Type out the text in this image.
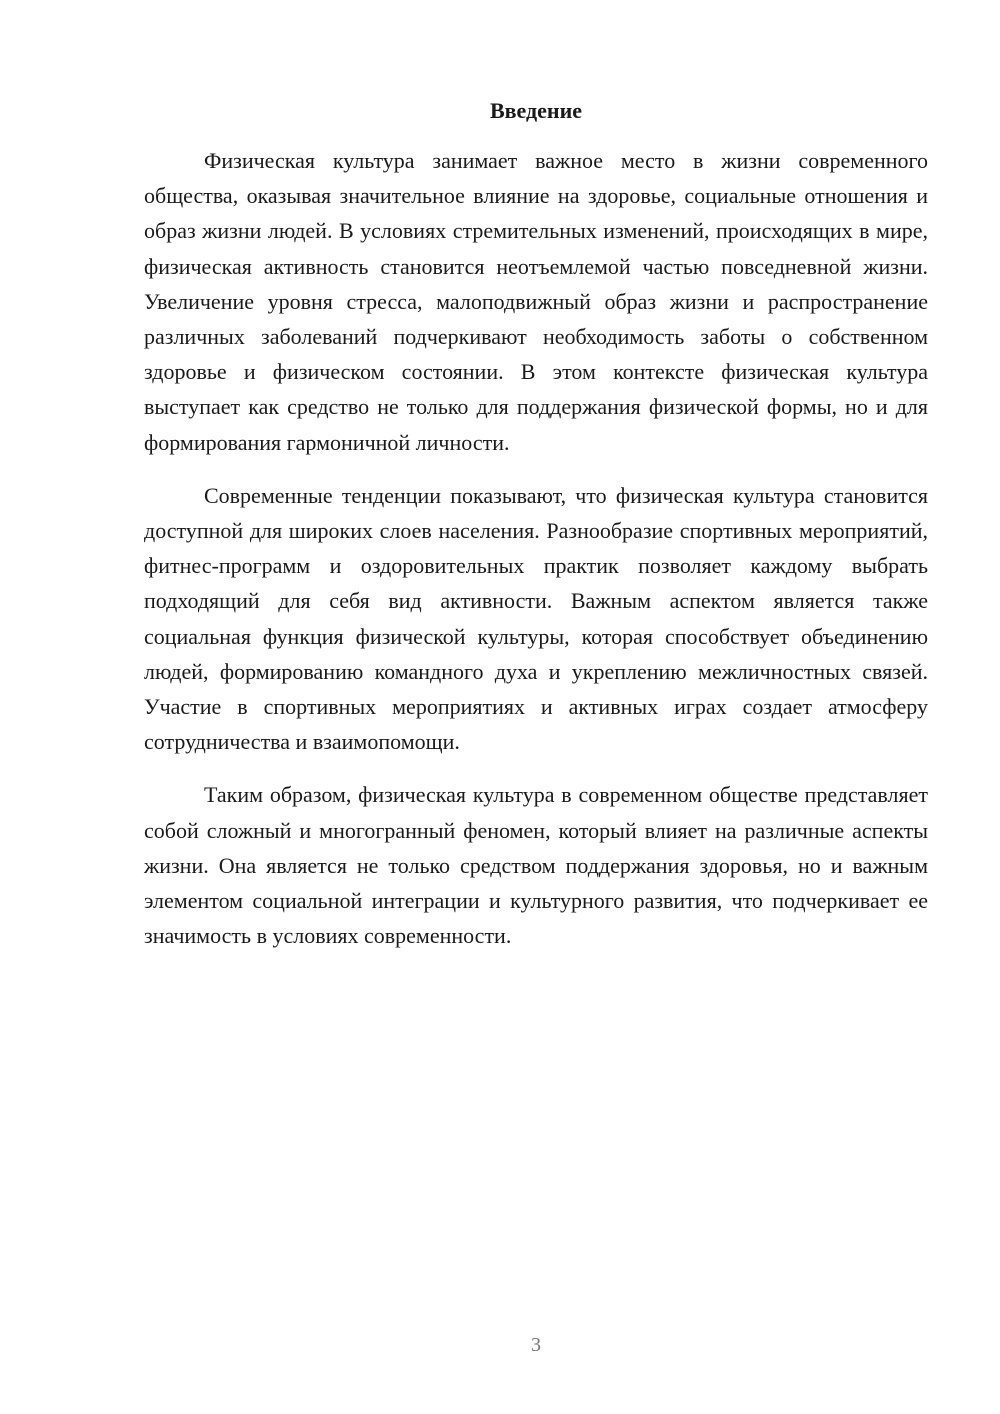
Введение

Физическая культура занимает важное место в жизни современного общества, оказывая значительное влияние на здоровье, социальные отношения и образ жизни людей. В условиях стремительных изменений, происходящих в мире, физическая активность становится неотъемлемой частью повседневной жизни. Увеличение уровня стресса, малоподвижный образ жизни и распространение различных заболеваний подчеркивают необходимость заботы о собственном здоровье и физическом состоянии. В этом контексте физическая культура выступает как средство не только для поддержания физической формы, но и для формирования гармоничной личности.

Современные тенденции показывают, что физическая культура становится доступной для широких слоев населения. Разнообразие спортивных мероприятий, фитнес-программ и оздоровительных практик позволяет каждому выбрать подходящий для себя вид активности. Важным аспектом является также социальная функция физической культуры, которая способствует объединению людей, формированию командного духа и укреплению межличностных связей. Участие в спортивных мероприятиях и активных играх создает атмосферу сотрудничества и взаимопомощи.

Таким образом, физическая культура в современном обществе представляет собой сложный и многогранный феномен, который влияет на различные аспекты жизни. Она является не только средством поддержания здоровья, но и важным элементом социальной интеграции и культурного развития, что подчеркивает ее значимость в условиях современности.

3
